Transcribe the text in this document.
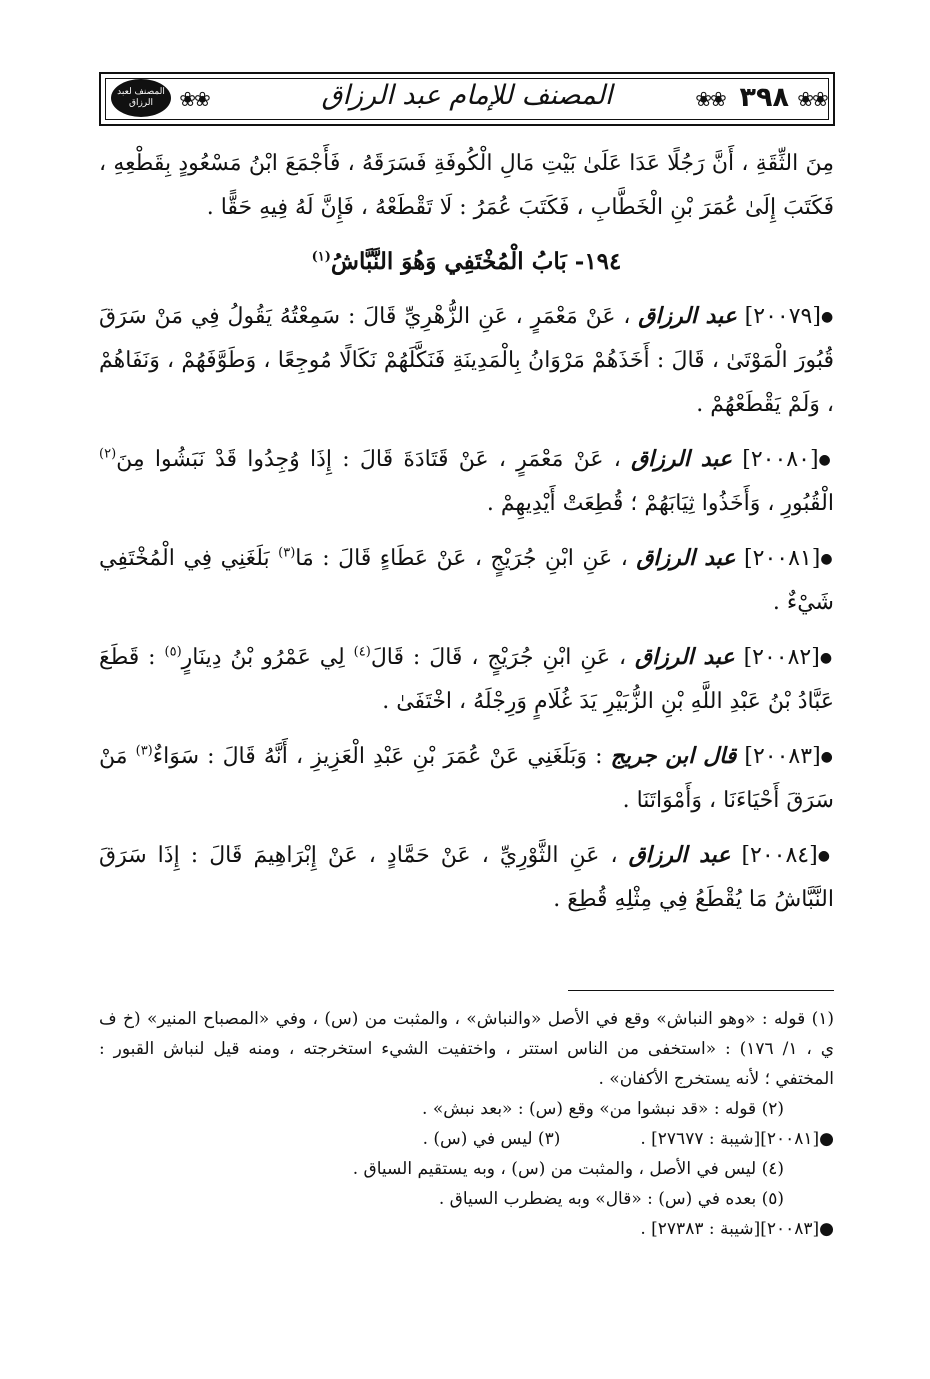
❀❀
٣٩٨
❀❀
المصنف للإمام عبد الرزاق
❀❀
المصنف لعبد الرزاق

مِنَ الثِّقَةِ ، أَنَّ رَجُلًا عَدَا عَلَىٰ بَيْتِ مَالِ الْكُوفَةِ فَسَرَقَهُ ، فَأَجْمَعَ ابْنُ مَسْعُودٍ بِقَطْعِهِ ، فَكَتَبَ إِلَىٰ عُمَرَ بْنِ الْخَطَّابِ ، فَكَتَبَ عُمَرُ : لَا تَقْطَعْهُ ، فَإِنَّ لَهُ فِيهِ حَقًّا .

١٩٤- بَابُ الْمُخْتَفِي وَهُوَ النَّبَّاشُ$^{(١)}$

●[٢٠٠٧٩] عبد الرزاق ، عَنْ مَعْمَرٍ ، عَنِ الزُّهْرِيِّ قَالَ : سَمِعْتُهُ يَقُولُ فِي مَنْ سَرَقَ قُبُورَ الْمَوْتَىٰ ، قَالَ : أَخَذَهُمْ مَرْوَانُ بِالْمَدِينَةِ فَنَكَّلَهُمْ نَكَالًا مُوجِعًا ، وَطَوَّفَهُمْ ، وَنَفَاهُمْ ، وَلَمْ يَقْطَعْهُمْ .

●[٢٠٠٨٠] عبد الرزاق ، عَنْ مَعْمَرٍ ، عَنْ قَتَادَةَ قَالَ : إِذَا وُجِدُوا قَدْ نَبَشُوا مِنَ$^{(٢)}$ الْقُبُورِ ، وَأَخَذُوا ثِيَابَهُمْ ؛ قُطِعَتْ أَيْدِيهِمْ .

●[٢٠٠٨١] عبد الرزاق ، عَنِ ابْنِ جُرَيْجٍ ، عَنْ عَطَاءٍ قَالَ : مَا$^{(٣)}$ بَلَغَنِي فِي الْمُخْتَفِي شَيْءٌ .

●[٢٠٠٨٢] عبد الرزاق ، عَنِ ابْنِ جُرَيْجٍ ، قَالَ : قَالَ$^{(٤)}$ لِي عَمْرُو بْنُ دِينَارٍ$^{(٥)}$ : قَطَعَ عَبَّادُ بْنُ عَبْدِ اللَّهِ بْنِ الزُّبَيْرِ يَدَ غُلَامٍ وَرِجْلَهُ ، اخْتَفَىٰ .

●[٢٠٠٨٣] قال ابن جريج : وَبَلَغَنِي عَنْ عُمَرَ بْنِ عَبْدِ الْعَزِيزِ ، أَنَّهُ قَالَ : سَوَاءٌ$^{(٣)}$ مَنْ سَرَقَ أَحْيَاءَنَا ، وَأَمْوَاتَنَا .

●[٢٠٠٨٤] عبد الرزاق ، عَنِ الثَّوْرِيِّ ، عَنْ حَمَّادٍ ، عَنْ إِبْرَاهِيمَ قَالَ : إِذَا سَرَقَ النَّبَّاشُ مَا يُقْطَعُ فِي مِثْلِهِ قُطِعَ .

(١) قوله : «وهو النباش» وقع في الأصل «والنباش» ، والمثبت من (س) ، وفي «المصباح المنير» (خ ف ي ، ١/ ١٧٦) : «استخفى من الناس استتر ، واختفيت الشيء استخرجته ، ومنه قيل لنباش القبور : المختفي ؛ لأنه يستخرج الأكفان» .

(٢) قوله : «قد نبشوا من» وقع (س) : «بعد نبش» .

●[٢٠٠٨١][شيبة : ٢٧٦٧٧] .
(٣) ليس في (س) .

(٤) ليس في الأصل ، والمثبت من (س) ، وبه يستقيم السياق .

(٥) بعده في (س) : «قال» وبه يضطرب السياق .

●[٢٠٠٨٣][شيبة : ٢٧٣٨٣] .
